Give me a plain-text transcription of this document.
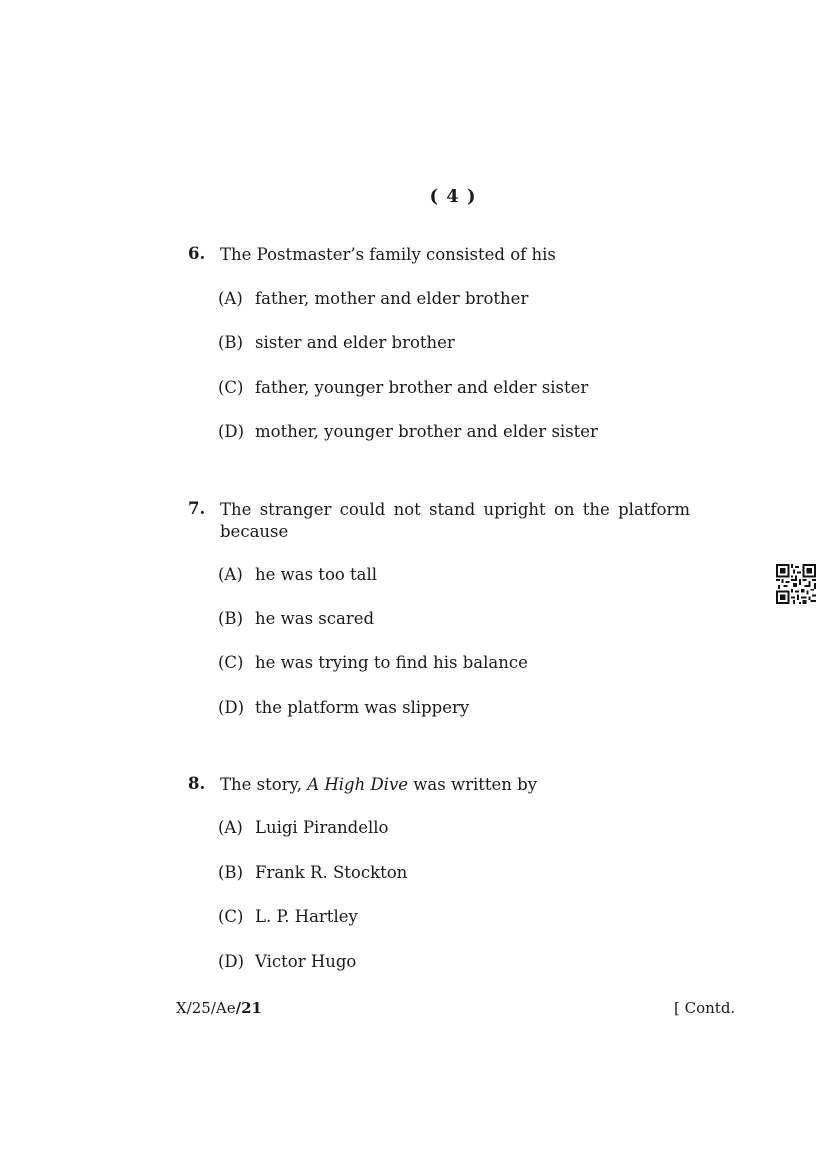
( 4 )
6. The Postmaster’s family consisted of his
(A) father, mother and elder brother
(B) sister and elder brother
(C) father, younger brother and elder sister
(D) mother, younger brother and elder sister
7. The stranger could not stand upright on the platform because
(A) he was too tall
(B) he was scared
(C) he was trying to find his balance
(D) the platform was slippery
8. The story, A High Dive was written by
(A) Luigi Pirandello
(B) Frank R. Stockton
(C) L. P. Hartley
(D) Victor Hugo
X/25/Ae/21	[ Contd.
